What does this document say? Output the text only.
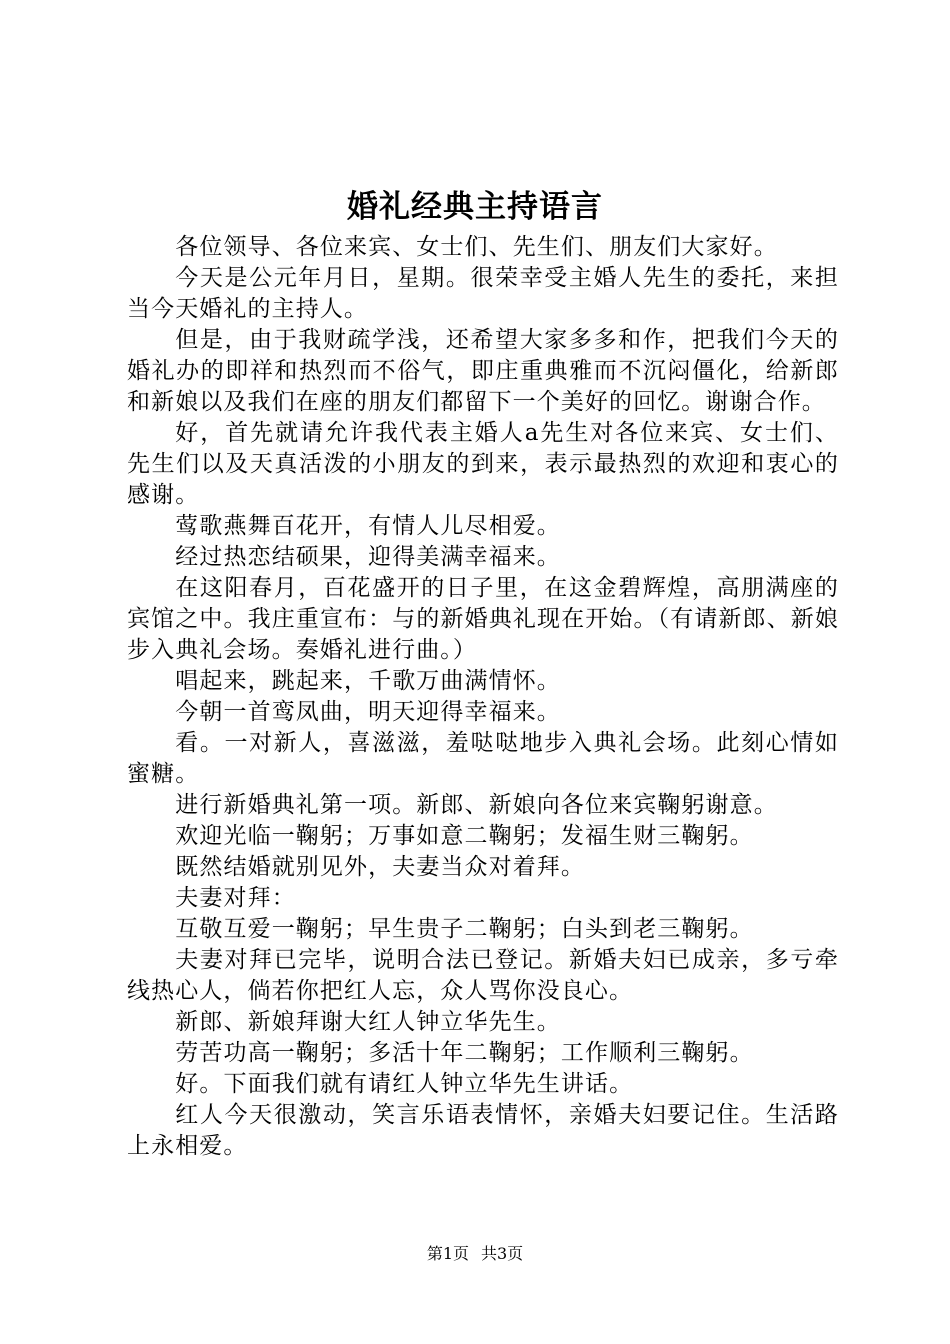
婚礼经典主持语言

各位领导、各位来宾、女士们、先生们、朋友们大家好。

今天是公元年月日，星期。很荣幸受主婚人先生的委托，来担当今天婚礼的主持人。

但是，由于我财疏学浅，还希望大家多多和作，把我们今天的婚礼办的即祥和热烈而不俗气，即庄重典雅而不沉闷僵化，给新郎和新娘以及我们在座的朋友们都留下一个美好的回忆。谢谢合作。

好，首先就请允许我代表主婚人a先生对各位来宾、女士们、先生们以及天真活泼的小朋友的到来，表示最热烈的欢迎和衷心的感谢。

莺歌燕舞百花开，有情人儿尽相爱。

经过热恋结硕果，迎得美满幸福来。

在这阳春月，百花盛开的日子里，在这金碧辉煌，高朋满座的宾馆之中。我庄重宣布：与的新婚典礼现在开始。（有请新郎、新娘步入典礼会场。奏婚礼进行曲。）

唱起来，跳起来，千歌万曲满情怀。

今朝一首鸾凤曲，明天迎得幸福来。

看。一对新人，喜滋滋，羞哒哒地步入典礼会场。此刻心情如蜜糖。

进行新婚典礼第一项。新郎、新娘向各位来宾鞠躬谢意。

欢迎光临一鞠躬；万事如意二鞠躬；发福生财三鞠躬。

既然结婚就别见外，夫妻当众对着拜。

夫妻对拜：

互敬互爱一鞠躬；早生贵子二鞠躬；白头到老三鞠躬。

夫妻对拜已完毕，说明合法已登记。新婚夫妇已成亲，多亏牵线热心人，倘若你把红人忘，众人骂你没良心。

新郎、新娘拜谢大红人钟立华先生。

劳苦功高一鞠躬；多活十年二鞠躬；工作顺利三鞠躬。

好。下面我们就有请红人钟立华先生讲话。

红人今天很激动，笑言乐语表情怀，亲婚夫妇要记住。生活路上永相爱。

第1页 共3页
